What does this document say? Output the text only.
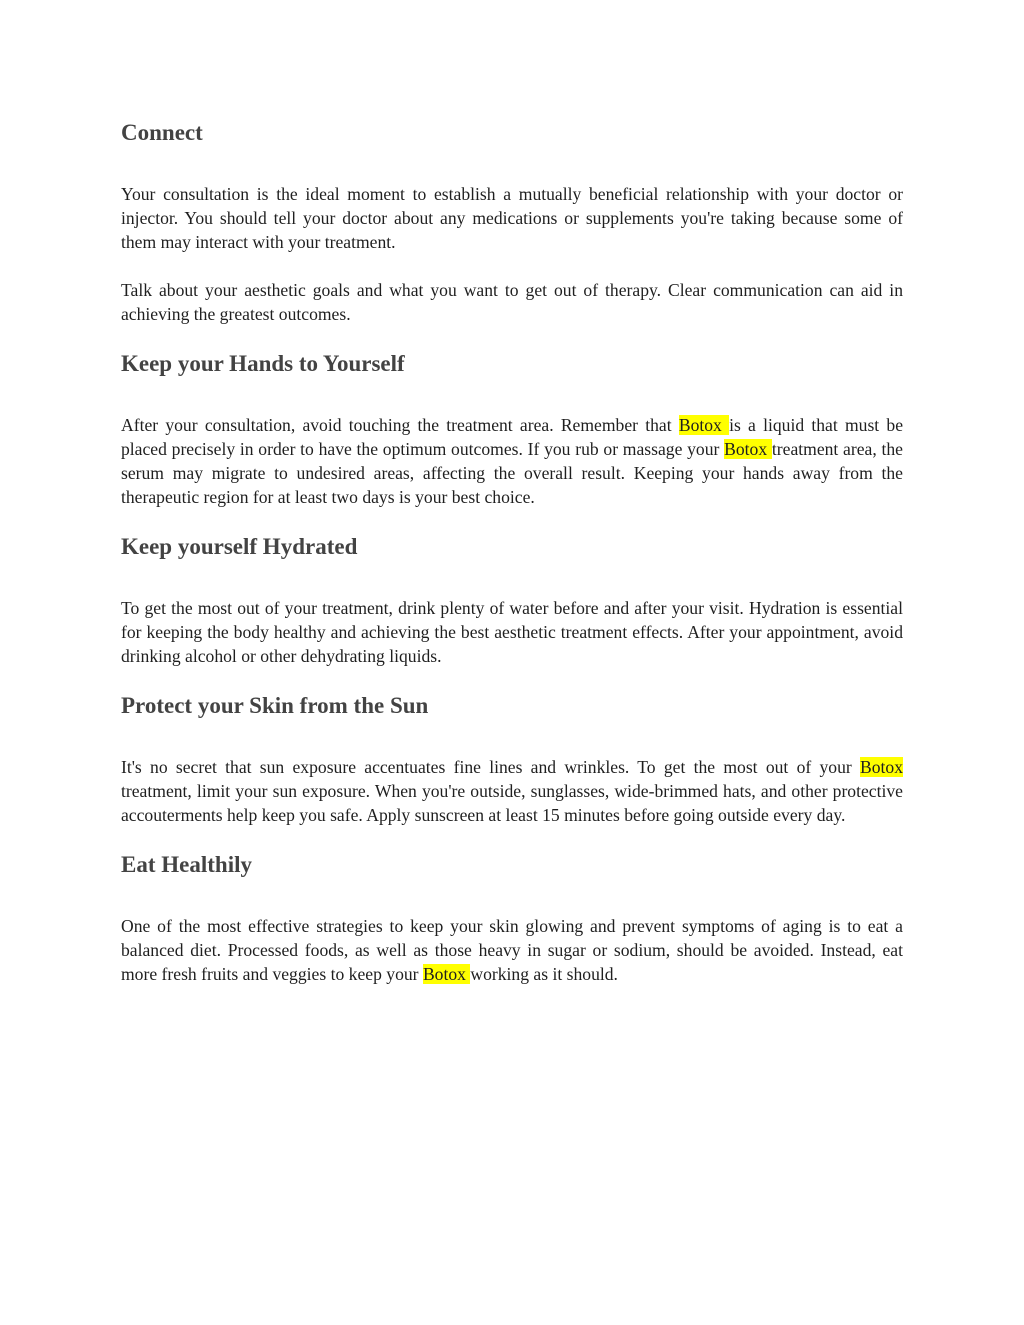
Connect

Your consultation is the ideal moment to establish a mutually beneficial relationship with your doctor or injector. You should tell your doctor about any medications or supplements you're taking because some of them may interact with your treatment.

Talk about your aesthetic goals and what you want to get out of therapy. Clear communication can aid in achieving the greatest outcomes.

Keep your Hands to Yourself

After your consultation, avoid touching the treatment area. Remember that Botox is a liquid that must be placed precisely in order to have the optimum outcomes. If you rub or massage your Botox treatment area, the serum may migrate to undesired areas, affecting the overall result. Keeping your hands away from the therapeutic region for at least two days is your best choice.

Keep yourself Hydrated

To get the most out of your treatment, drink plenty of water before and after your visit. Hydration is essential for keeping the body healthy and achieving the best aesthetic treatment effects. After your appointment, avoid drinking alcohol or other dehydrating liquids.

Protect your Skin from the Sun

It's no secret that sun exposure accentuates fine lines and wrinkles. To get the most out of your Botox treatment, limit your sun exposure. When you're outside, sunglasses, wide-brimmed hats, and other protective accouterments help keep you safe. Apply sunscreen at least 15 minutes before going outside every day.

Eat Healthily

One of the most effective strategies to keep your skin glowing and prevent symptoms of aging is to eat a balanced diet. Processed foods, as well as those heavy in sugar or sodium, should be avoided. Instead, eat more fresh fruits and veggies to keep your Botox working as it should.
